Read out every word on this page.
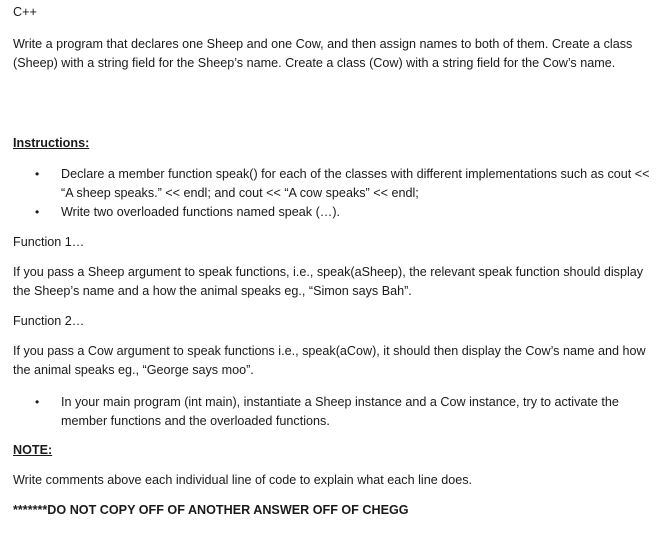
C++

Write a program that declares one Sheep and one Cow, and then assign names to both of them. Create a class (Sheep) with a string field for the Sheep’s name. Create a class (Cow) with a string field for the Cow’s name.

Instructions:

• Declare a member function speak() for each of the classes with different implementations such as cout << “A sheep speaks.” << endl; and cout << “A cow speaks” << endl;

• Write two overloaded functions named speak (…).

Function 1…

If you pass a Sheep argument to speak functions, i.e., speak(aSheep), the relevant speak function should display the Sheep’s name and a how the animal speaks eg., “Simon says Bah”.

Function 2…

If you pass a Cow argument to speak functions i.e., speak(aCow), it should then display the Cow’s name and how the animal speaks eg., “George says moo”.

• In your main program (int main), instantiate a Sheep instance and a Cow instance, try to activate the member functions and the overloaded functions.

NOTE:

Write comments above each individual line of code to explain what each line does.

*******DO NOT COPY OFF OF ANOTHER ANSWER OFF OF CHEGG
